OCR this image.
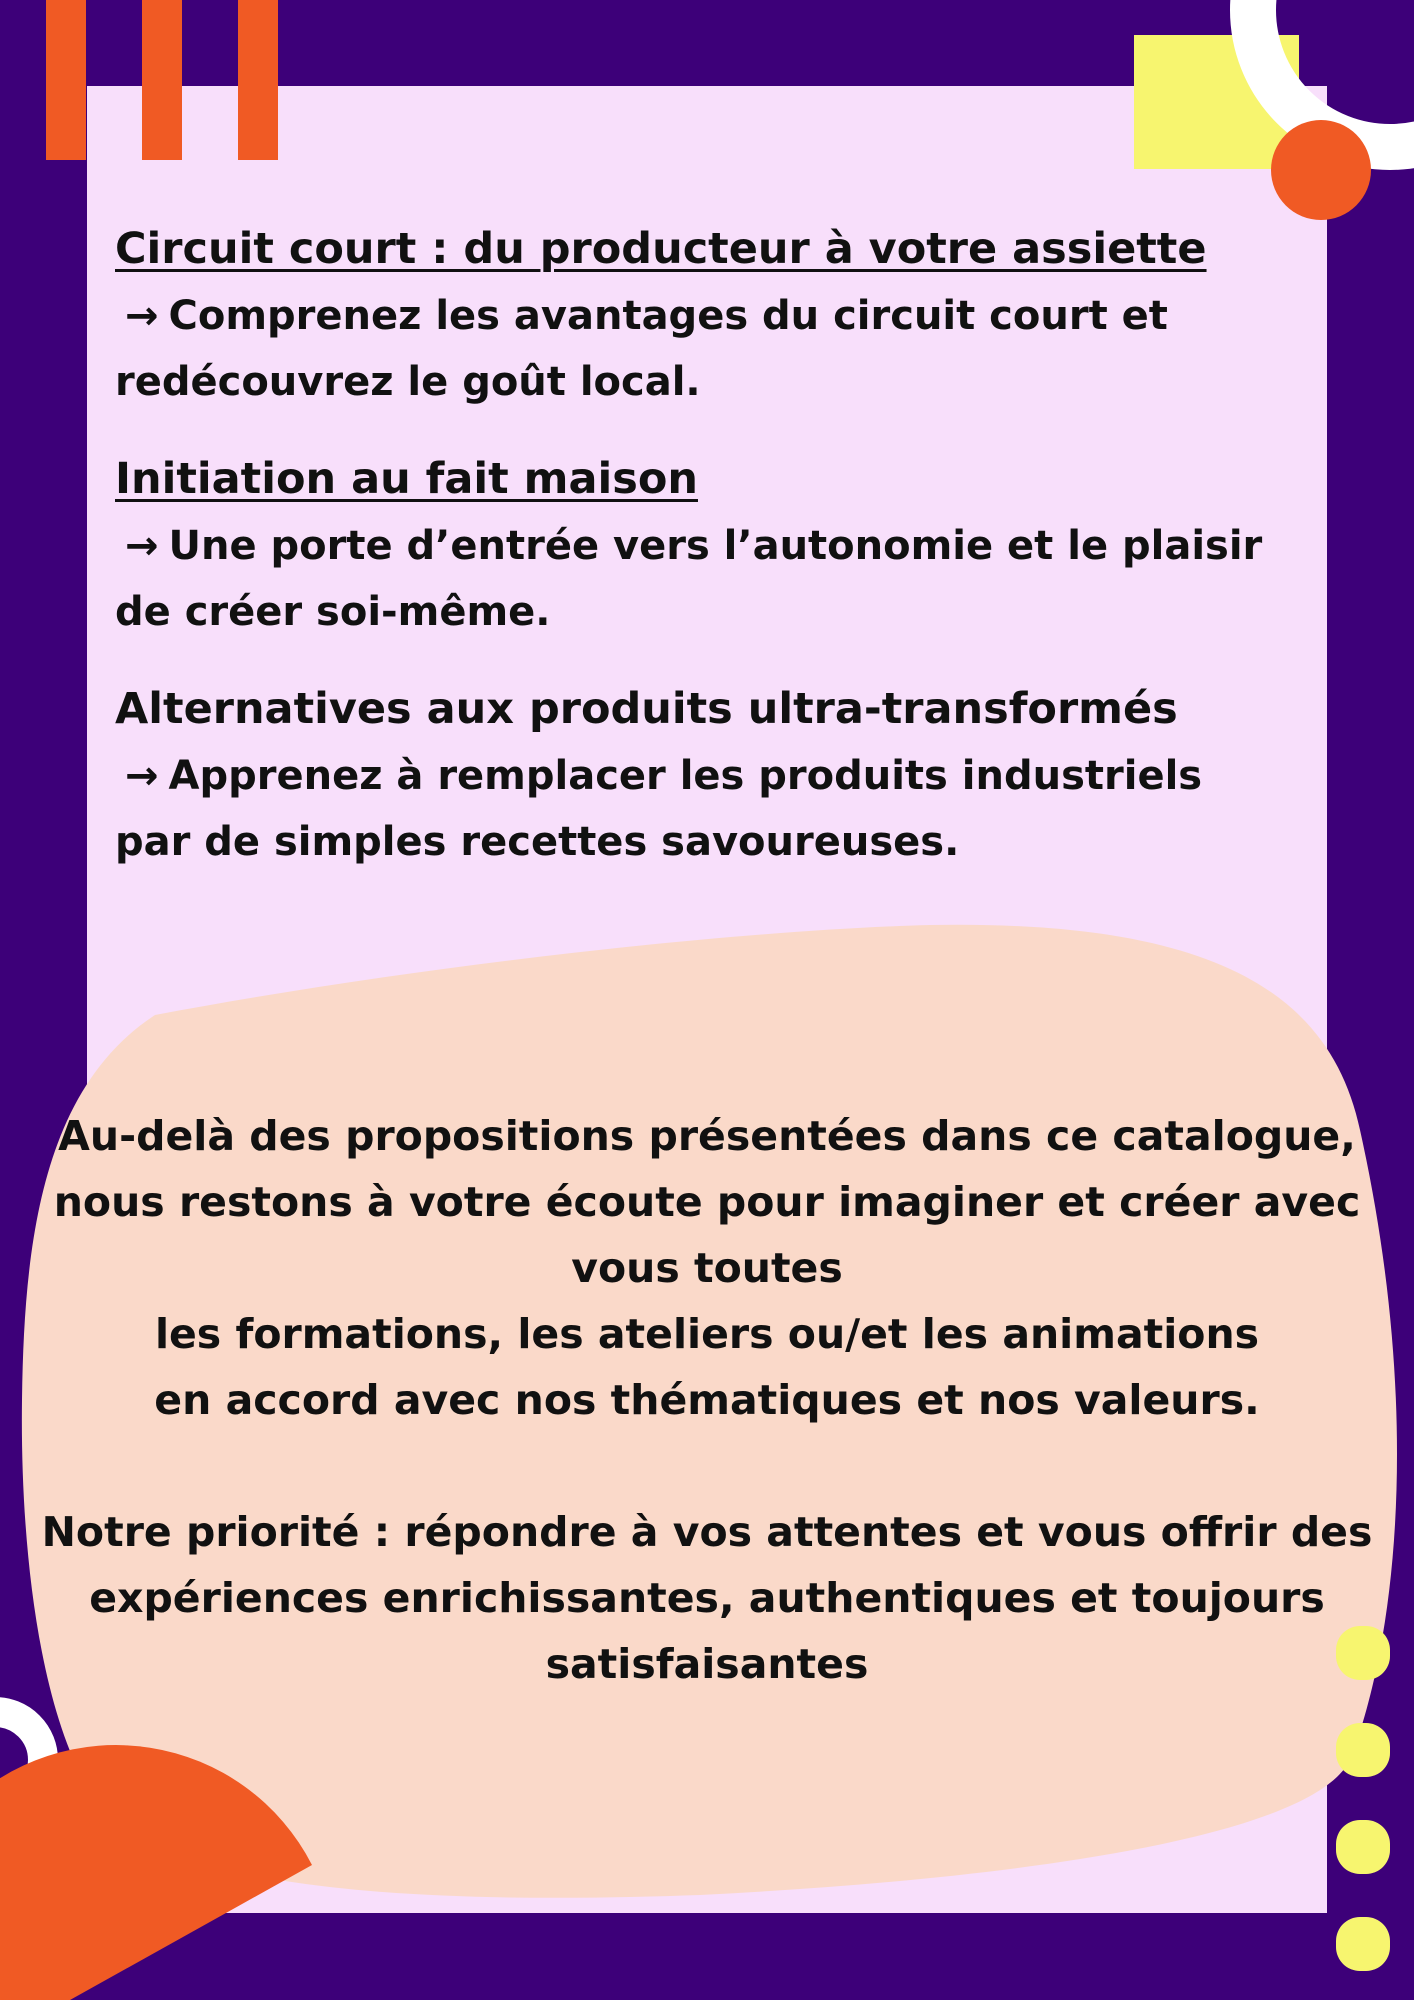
Circuit court : du producteur à votre assiette

→ Comprenez les avantages du circuit court et redécouvrez le goût local.

Initiation au fait maison

→ Une porte d’entrée vers l’autonomie et le plaisir de créer soi-même.

Alternatives aux produits ultra-transformés

→ Apprenez à remplacer les produits industriels par de simples recettes savoureuses.

Au-delà des propositions présentées dans ce catalogue,

nous restons à votre écoute pour imaginer et créer avec

vous toutes

les formations, les ateliers ou/et les animations

en accord avec nos thématiques et nos valeurs.

Notre priorité : répondre à vos attentes et vous offrir des

expériences enrichissantes, authentiques et toujours

satisfaisantes
